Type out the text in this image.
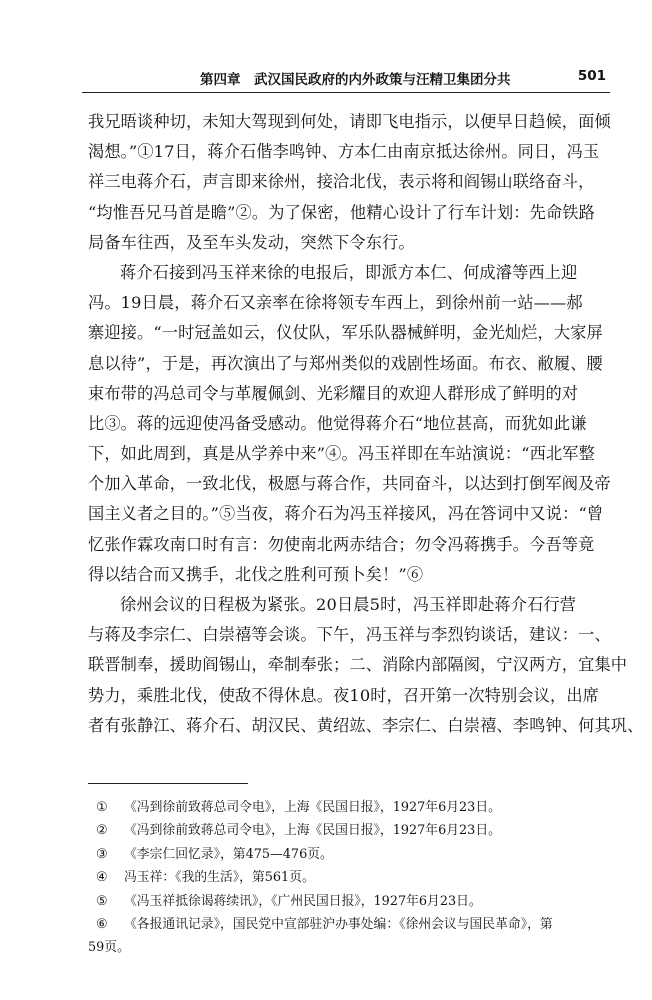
第四章　武汉国民政府的内外政策与汪精卫集团分共	501
我兄晤谈种切，未知大驾现到何处，请即飞电指示，以便早日趋候，面倾
渴想。”①17日，蒋介石偕李鸣钟、方本仁由南京抵达徐州。同日，冯玉
祥三电蒋介石，声言即来徐州，接洽北伐，表示将和阎锡山联络奋斗，
“均惟吾兄马首是瞻”②。为了保密，他精心设计了行车计划：先命铁路
局备车往西，及至车头发动，突然下令东行。
蒋介石接到冯玉祥来徐的电报后，即派方本仁、何成濬等西上迎
冯。19日晨，蒋介石又亲率在徐将领专车西上，到徐州前一站——郝
寨迎接。“一时冠盖如云，仪仗队，军乐队器械鲜明，金光灿烂，大家屏
息以待”，于是，再次演出了与郑州类似的戏剧性场面。布衣、敝履、腰
束布带的冯总司令与革履佩剑、光彩耀目的欢迎人群形成了鲜明的对
比③。蒋的远迎使冯备受感动。他觉得蒋介石“地位甚高，而犹如此谦
下，如此周到，真是从学养中来”④。冯玉祥即在车站演说：“西北军整
个加入革命，一致北伐，极愿与蒋合作，共同奋斗，以达到打倒军阀及帝
国主义者之目的。”⑤当夜，蒋介石为冯玉祥接风，冯在答词中又说：“曾
忆张作霖攻南口时有言：勿使南北两赤结合；勿令冯蒋携手。今吾等竟
得以结合而又携手，北伐之胜利可预卜矣！”⑥
徐州会议的日程极为紧张。20日晨5时，冯玉祥即赴蒋介石行营
与蒋及李宗仁、白崇禧等会谈。下午，冯玉祥与李烈钧谈话，建议：一、
联晋制奉，援助阎锡山，牵制奉张；二、消除内部隔阂，宁汉两方，宜集中
势力，乘胜北伐，使敌不得休息。夜10时，召开第一次特别会议，出席
者有张静江、蒋介石、胡汉民、黄绍竑、李宗仁、白崇禧、李鸣钟、何其巩、
① 《冯到徐前致蒋总司令电》，上海《民国日报》，1927年6月23日。
② 《冯到徐前致蒋总司令电》，上海《民国日报》，1927年6月23日。
③ 《李宗仁回忆录》，第475—476页。
④ 冯玉祥：《我的生活》，第561页。
⑤ 《冯玉祥抵徐谒蒋续讯》，《广州民国日报》，1927年6月23日。
⑥ 《各报通讯记录》，国民党中宣部驻沪办事处编：《徐州会议与国民革命》，第
59页。
